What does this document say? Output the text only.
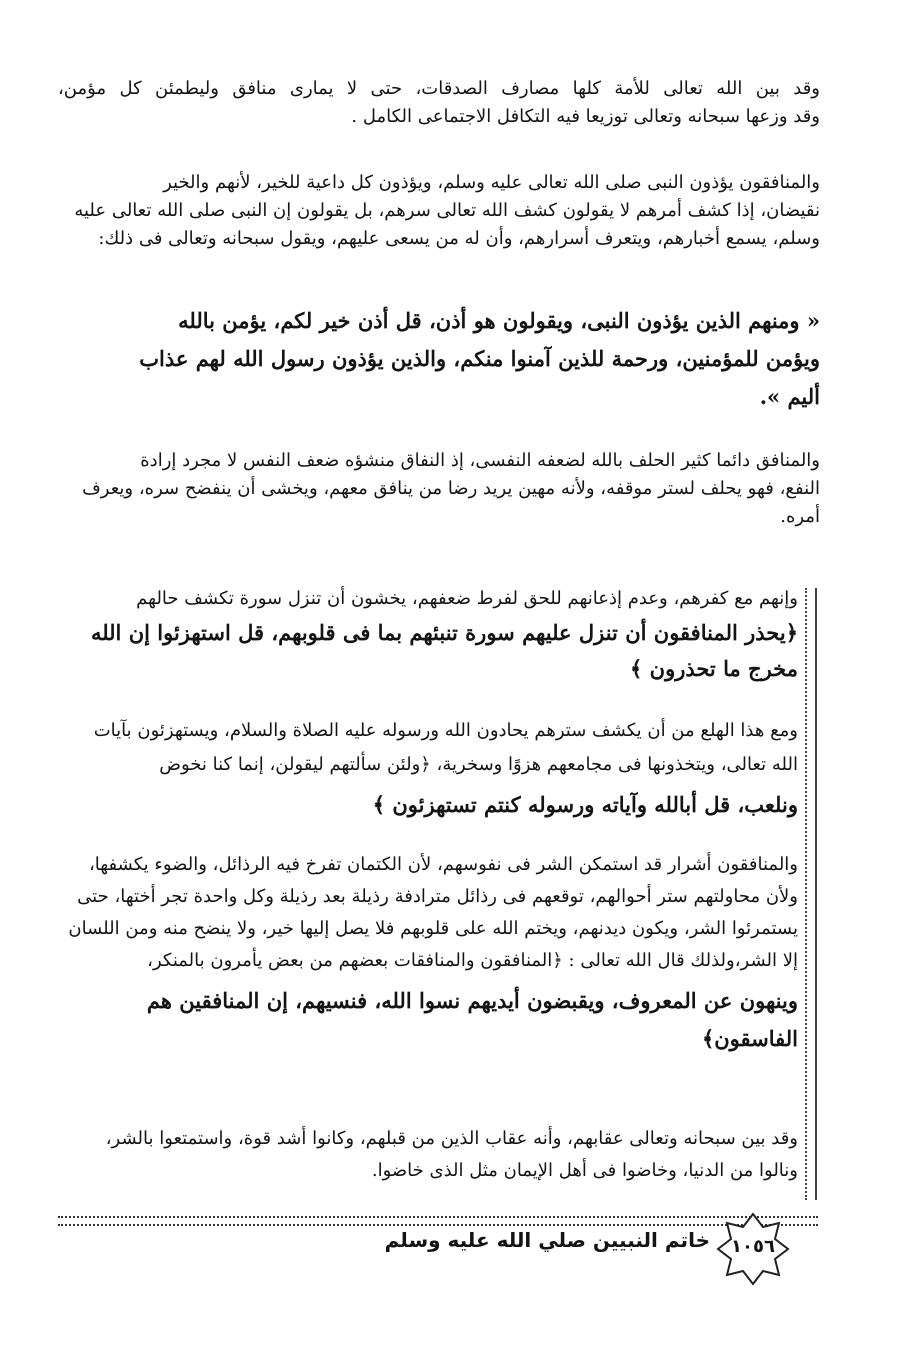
وقد بين الله تعالى للأمة كلها مصارف الصدقات، حتى لا يمارى منافق وليطمئن كل مؤمن،
وقد وزعها سبحانه وتعالى توزيعا فيه التكافل الاجتماعى الكامل .
والمنافقون يؤذون النبى صلى الله تعالى عليه وسلم، ويؤذون كل داعية للخير، لأنهم والخير
نقيضان، إذا كشف أمرهم لا يقولون كشف الله تعالى سرهم، بل يقولون إن النبى صلى الله تعالى عليه
وسلم، يسمع أخبارهم، ويتعرف أسرارهم، وأن له من يسعى عليهم، ويقول سبحانه وتعالى فى ذلك:
« ومنهم الذين يؤذون النبى، ويقولون هو أذن، قل أذن خير لكم، يؤمن بالله
ويؤمن للمؤمنين، ورحمة للذين آمنوا منكم، والذين يؤذون رسول الله لهم عذاب
أليم ».
والمنافق دائما كثير الحلف بالله لضعفه النفسى، إذ النفاق منشؤه ضعف النفس لا مجرد إرادة
النفع، فهو يحلف لستر موقفه، ولأنه مهين يريد رضا من ينافق معهم، ويخشى أن ينفضح سره، ويعرف
أمره.
وإنهم مع كفرهم، وعدم إذعانهم للحق لفرط ضعفهم، يخشون أن تنزل سورة تكشف حالهم
﴿يحذر المنافقون أن تنزل عليهم سورة تنبئهم بما فى قلوبهم، قل استهزئوا إن الله
مخرج ما تحذرون ﴾
ومع هذا الهلع من أن يكشف سترهم يحادون الله ورسوله عليه الصلاة والسلام، ويستهزئون بآيات
الله تعالى، ويتخذونها فى مجامعهم هزوًا وسخرية، ﴿ولئن سألتهم ليقولن، إنما كنا نخوض
ونلعب، قل أبالله وآياته ورسوله كنتم تستهزئون ﴾
والمنافقون أشرار قد استمكن الشر فى نفوسهم، لأن الكتمان تفرخ فيه الرذائل، والضوء يكشفها،
ولأن محاولتهم ستر أحوالهم، توقعهم فى رذائل مترادفة رذيلة بعد رذيلة وكل واحدة تجر أختها، حتى
يستمرئوا الشر، ويكون ديدنهم، ويختم الله على قلوبهم فلا يصل إليها خير، ولا ينضح منه ومن اللسان
إلا الشر،ولذلك قال الله تعالى : ﴿المنافقون والمنافقات بعضهم من بعض يأمرون بالمنكر،
وينهون عن المعروف، ويقبضون أيديهم نسوا الله، فنسيهم، إن المنافقين هم
الفاسقون﴾
وقد بين سبحانه وتعالى عقابهم، وأنه عقاب الذين من قبلهم، وكانوا أشد قوة، واستمتعوا بالشر،
ونالوا من الدنيا، وخاضوا فى أهل الإيمان مثل الذى خاضوا.
خاتم النبيين صلي الله عليه وسلم	١٠٥٦
